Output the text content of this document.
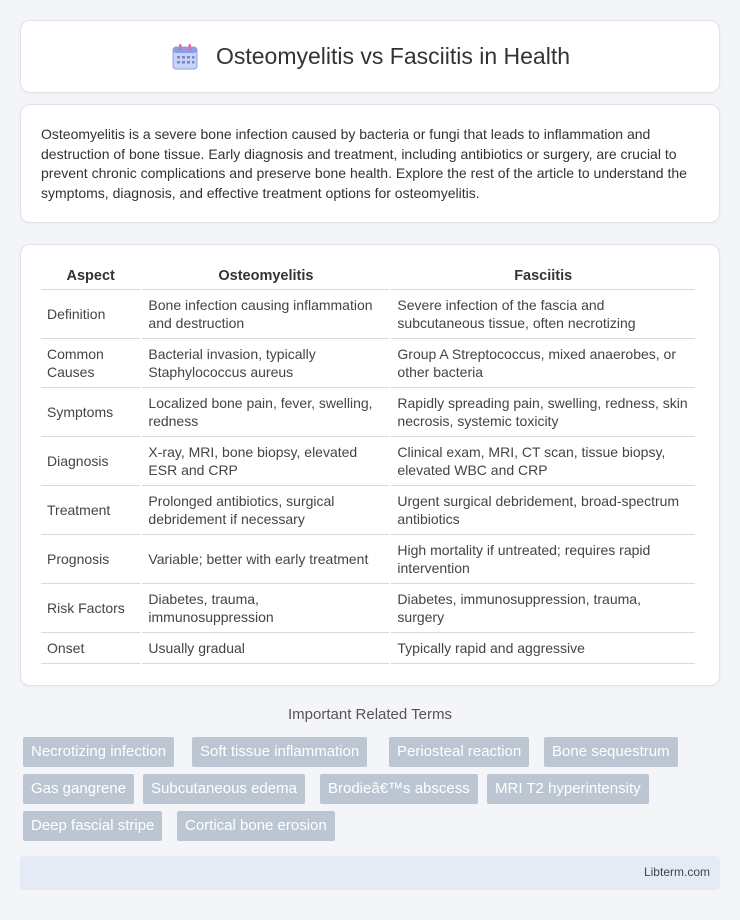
Osteomyelitis vs Fasciitis in Health

Osteomyelitis is a severe bone infection caused by bacteria or fungi that leads to inflammation and destruction of bone tissue. Early diagnosis and treatment, including antibiotics or surgery, are crucial to prevent chronic complications and preserve bone health. Explore the rest of the article to understand the symptoms, diagnosis, and effective treatment options for osteomyelitis.

Aspect	Osteomyelitis	Fasciitis
Definition	Bone infection causing inflammation and destruction	Severe infection of the fascia and subcutaneous tissue, often necrotizing
Common Causes	Bacterial invasion, typically Staphylococcus aureus	Group A Streptococcus, mixed anaerobes, or other bacteria
Symptoms	Localized bone pain, fever, swelling, redness	Rapidly spreading pain, swelling, redness, skin necrosis, systemic toxicity
Diagnosis	X-ray, MRI, bone biopsy, elevated ESR and CRP	Clinical exam, MRI, CT scan, tissue biopsy, elevated WBC and CRP
Treatment	Prolonged antibiotics, surgical debridement if necessary	Urgent surgical debridement, broad-spectrum antibiotics
Prognosis	Variable; better with early treatment	High mortality if untreated; requires rapid intervention
Risk Factors	Diabetes, trauma, immunosuppression	Diabetes, immunosuppression, trauma, surgery
Onset	Usually gradual	Typically rapid and aggressive
Important Related Terms
Necrotizing infection	Soft tissue inflammation	Periosteal reaction	Bone sequestrum
Gas gangrene	Subcutaneous edema	Brodieâ€™s abscess	MRI T2 hyperintensity
Deep fascial stripe	Cortical bone erosion
Libterm.com
